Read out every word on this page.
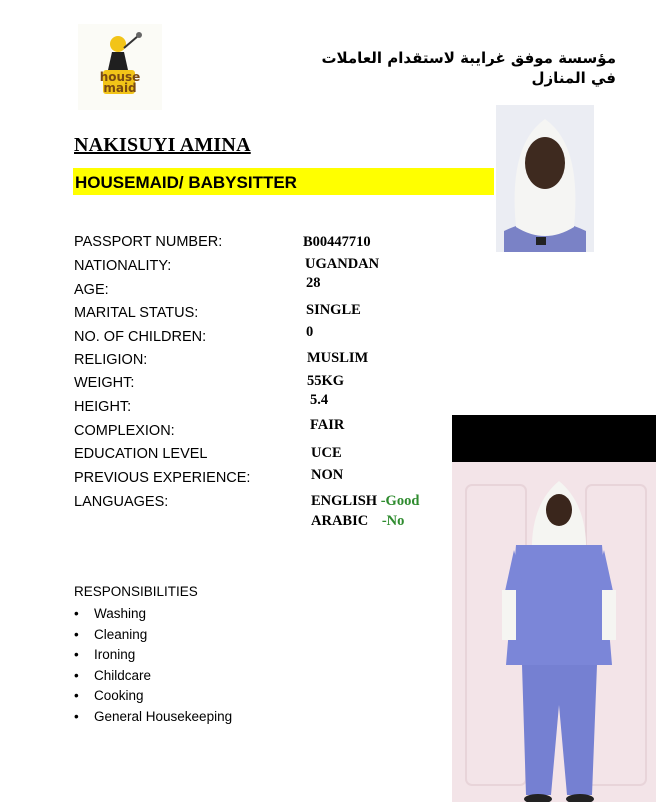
house
maid
مؤسسة موفق غرايبة لاستقدام العاملات في المنازل
NAKISUYI AMINA
HOUSEMAID/ BABYSITTER
PASSPORT NUMBER:
NATIONALITY:
AGE:
MARITAL STATUS:
NO. OF CHILDREN:
RELIGION:
WEIGHT:
HEIGHT:
COMPLEXION:
EDUCATION LEVEL
PREVIOUS EXPERIENCE:
LANGUAGES:
B00447710
UGANDAN
28
SINGLE
0
MUSLIM
55KG
5.4
FAIR
UCE
NON
ENGLISH -Good
ARABIC -No
RESPONSIBILITIES
• Washing
• Cleaning
• Ironing
• Childcare
• Cooking
• General Housekeeping
